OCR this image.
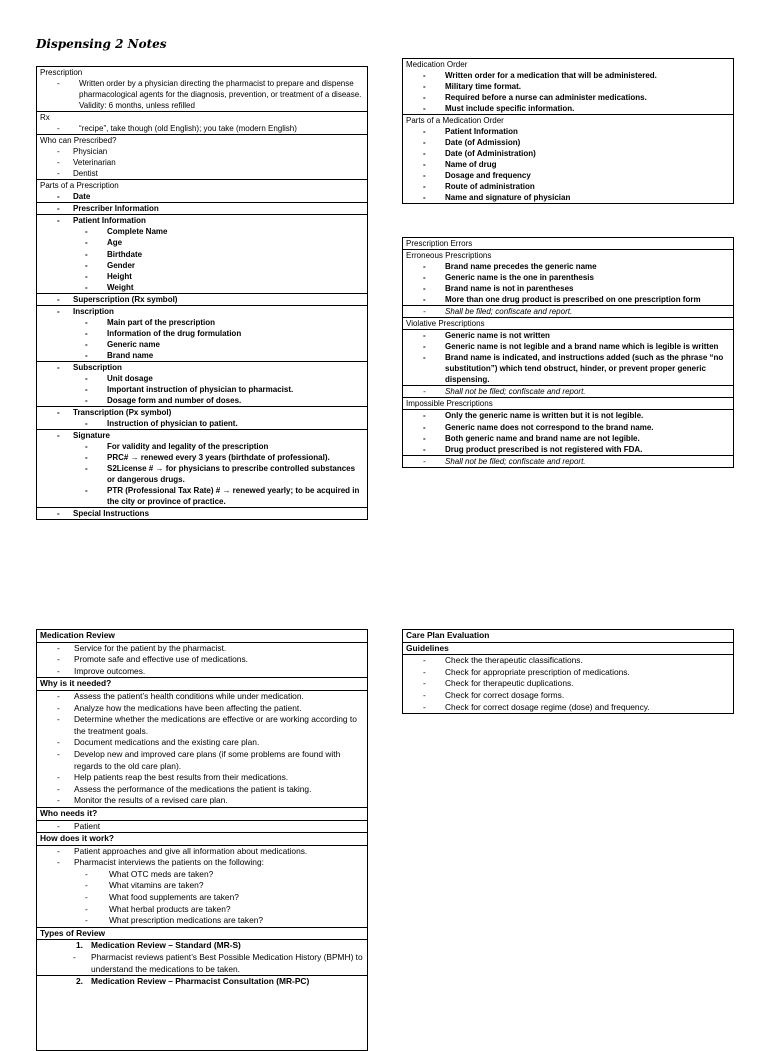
Dispensing 2 Notes
Prescription
-	Written order by a physician directing the pharmacist to prepare and dispense pharmacological agents for the diagnosis, prevention, or treatment of a disease. Validity: 6 months, unless refilled
Rx
-	“recipe”, take though (old English); you take (modern English)
Who can Prescribed?
-	Physician
-	Veterinarian
-	Dentist
Parts of a Prescription
-	Date
-	Prescriber Information
-	Patient Information
-	Complete Name
-	Age
-	Birthdate
-	Gender
-	Height
-	Weight
-	Superscription (Rx symbol)
-	Inscription
-	Main part of the prescription
-	Information of the drug formulation
-	Generic name
-	Brand name
-	Subscription
-	Unit dosage
-	Important instruction of physician to pharmacist.
-	Dosage form and number of doses.
-	Transcription (Px symbol)
-	Instruction of physician to patient.
-	Signature
-	For validity and legality of the prescription
-	PRC# → renewed every 3 years (birthdate of professional).
-	S2License # → for physicians to prescribe controlled substances or dangerous drugs.
-	PTR (Professional Tax Rate) # → renewed yearly; to be acquired in the city or province of practice.
-	Special Instructions
Medication Order
-	Written order for a medication that will be administered.
-	Military time format.
-	Required before a nurse can administer medications.
-	Must include specific information.
Parts of a Medication Order
-	Patient Information
-	Date (of Admission)
-	Date (of Administration)
-	Name of drug
-	Dosage and frequency
-	Route of administration
-	Name and signature of physician
Prescription Errors
Erroneous Prescriptions
-	Brand name precedes the generic name
-	Generic name is the one in parenthesis
-	Brand name is not in parentheses
-	More than one drug product is prescribed on one prescription form
-	Shall be filed; confiscate and report.
Violative Prescriptions
-	Generic name is not written
-	Generic name is not legible and a brand name which is legible is written
-	Brand name is indicated, and instructions added (such as the phrase “no substitution”) which tend obstruct, hinder, or prevent proper generic dispensing.
-	Shall not be filed; confiscate and report.
Impossible Prescriptions
-	Only the generic name is written but it is not legible.
-	Generic name does not correspond to the brand name.
-	Both generic name and brand name are not legible.
-	Drug product prescribed is not registered with FDA.
-	Shall not be filed; confiscate and report.
Medication Review
-	Service for the patient by the pharmacist.
-	Promote safe and effective use of medications.
-	Improve outcomes.
Why is it needed?
-	Assess the patient’s health conditions while under medication.
-	Analyze how the medications have been affecting the patient.
-	Determine whether the medications are effective or are working according to the treatment goals.
-	Document medications and the existing care plan.
-	Develop new and improved care plans (if some problems are found with regards to the old care plan).
-	Help patients reap the best results from their medications.
-	Assess the performance of the medications the patient is taking.
-	Monitor the results of a revised care plan.
Who needs it?
-	Patient
How does it work?
-	Patient approaches and give all information about medications.
-	Pharmacist interviews the patients on the following:
-	What OTC meds are taken?
-	What vitamins are taken?
-	What food supplements are taken?
-	What herbal products are taken?
-	What prescription medications are taken?
Types of Review
1. Medication Review – Standard (MR-S)
-	Pharmacist reviews patient’s Best Possible Medication History (BPMH) to understand the medications to be taken.
2. Medication Review – Pharmacist Consultation (MR-PC)
Care Plan Evaluation
Guidelines
-	Check the therapeutic classifications.
-	Check for appropriate prescription of medications.
-	Check for therapeutic duplications.
-	Check for correct dosage forms.
-	Check for correct dosage regime (dose) and frequency.
